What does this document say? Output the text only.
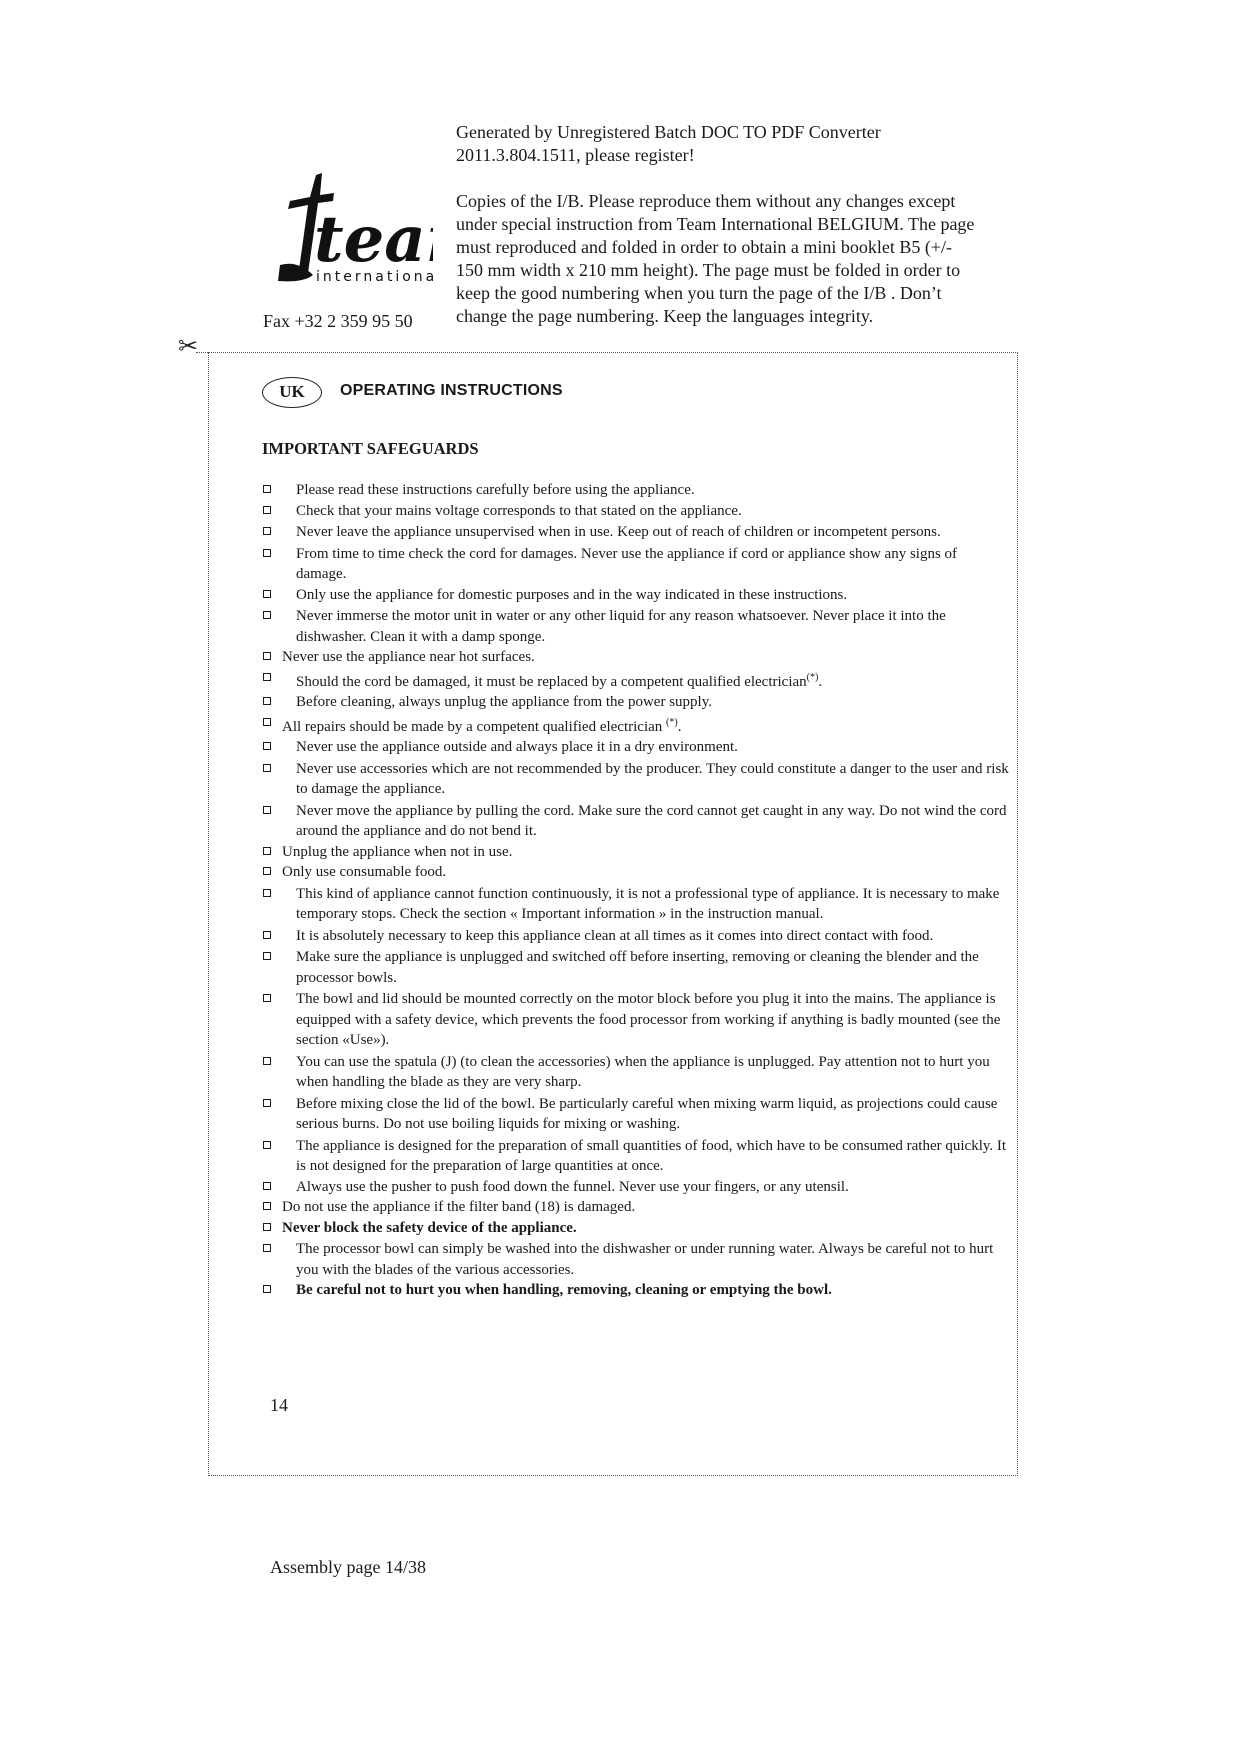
tea
international
Fax +32 2 359 95 50
Generated by Unregistered Batch DOC TO PDF Converter 2011.3.804.1511, please register!
Copies of the I/B. Please reproduce them without any changes except under special instruction from Team International BELGIUM. The page must reproduced and folded in order to obtain a mini booklet B5 (+/- 150 mm width x 210 mm height). The page must be folded in order to keep the good numbering when you turn the page of the I/B . Don’t change the page numbering. Keep the languages integrity.
✂
UK	OPERATING INSTRUCTIONS
IMPORTANT SAFEGUARDS
Please read these instructions carefully before using the appliance.
Check that your mains voltage corresponds to that stated on the appliance.
Never leave the appliance unsupervised when in use. Keep out of reach of children or incompetent persons.
From time to time check the cord for damages. Never use the appliance if cord or appliance show any signs of damage.
Only use the appliance for domestic purposes and in the way indicated in these instructions.
Never immerse the motor unit in water or any other liquid for any reason whatsoever. Never place it into the dishwasher. Clean it with a damp sponge.
Never use the appliance near hot surfaces.
Should the cord be damaged, it must be replaced by a competent qualified electrician(*).
Before cleaning, always unplug the appliance from the power supply.
All repairs should be made by a competent qualified electrician (*).
Never use the appliance outside and always place it in a dry environment.
Never use accessories which are not recommended by the producer. They could constitute a danger to the user and risk to damage the appliance.
Never move the appliance by pulling the cord. Make sure the cord cannot get caught in any way. Do not wind the cord around the appliance and do not bend it.
Unplug the appliance when not in use.
Only use consumable food.
This kind of appliance cannot function continuously, it is not a professional type of appliance. It is necessary to make temporary stops. Check the section « Important information » in the instruction manual.
It is absolutely necessary to keep this appliance clean at all times as it comes into direct contact with food.
Make sure the appliance is unplugged and switched off before inserting, removing or cleaning the blender and the processor bowls.
The bowl and lid should be mounted correctly on the motor block before you plug it into the mains. The appliance is equipped with a safety device, which prevents the food processor from working if anything is badly mounted (see the section «Use»).
You can use the spatula (J) (to clean the accessories) when the appliance is unplugged. Pay attention not to hurt you when handling the blade as they are very sharp.
Before mixing close the lid of the bowl. Be particularly careful when mixing warm liquid, as projections could cause serious burns. Do not use boiling liquids for mixing or washing.
The appliance is designed for the preparation of small quantities of food, which have to be consumed rather quickly. It is not designed for the preparation of large quantities at once.
Always use the pusher to push food down the funnel. Never use your fingers, or any utensil.
Do not use the appliance if the filter band (18) is damaged.
Never block the safety device of the appliance.
The processor bowl can simply be washed into the dishwasher or under running water. Always be careful not to hurt you with the blades of the various accessories.
Be careful not to hurt you when handling, removing, cleaning or emptying the bowl.
14
Assembly page 14/38
